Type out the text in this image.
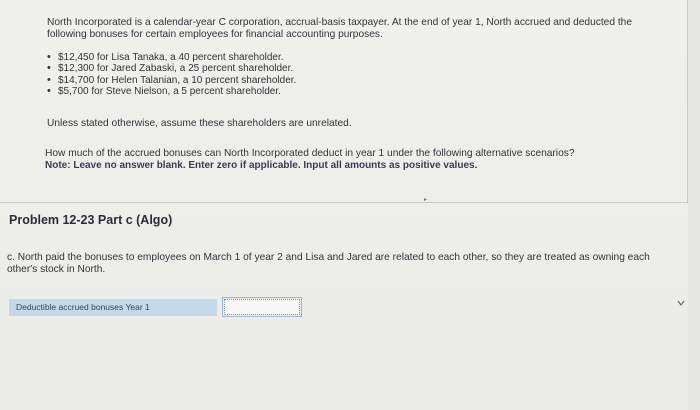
North Incorporated is a calendar-year C corporation, accrual-basis taxpayer. At the end of year 1, North accrued and deducted the following bonuses for certain employees for financial accounting purposes.
• $12,450 for Lisa Tanaka, a 40 percent shareholder.
• $12,300 for Jared Zabaski, a 25 percent shareholder.
• $14,700 for Helen Talanian, a 10 percent shareholder.
• $5,700 for Steve Nielson, a 5 percent shareholder.
Unless stated otherwise, assume these shareholders are unrelated.
How much of the accrued bonuses can North Incorporated deduct in year 1 under the following alternative scenarios?
Note: Leave no answer blank. Enter zero if applicable. Input all amounts as positive values.
▸
Problem 12-23 Part c (Algo)
c. North paid the bonuses to employees on March 1 of year 2 and Lisa and Jared are related to each other, so they are treated as owning each other's stock in North.
Deductible accrued bonuses Year 1
